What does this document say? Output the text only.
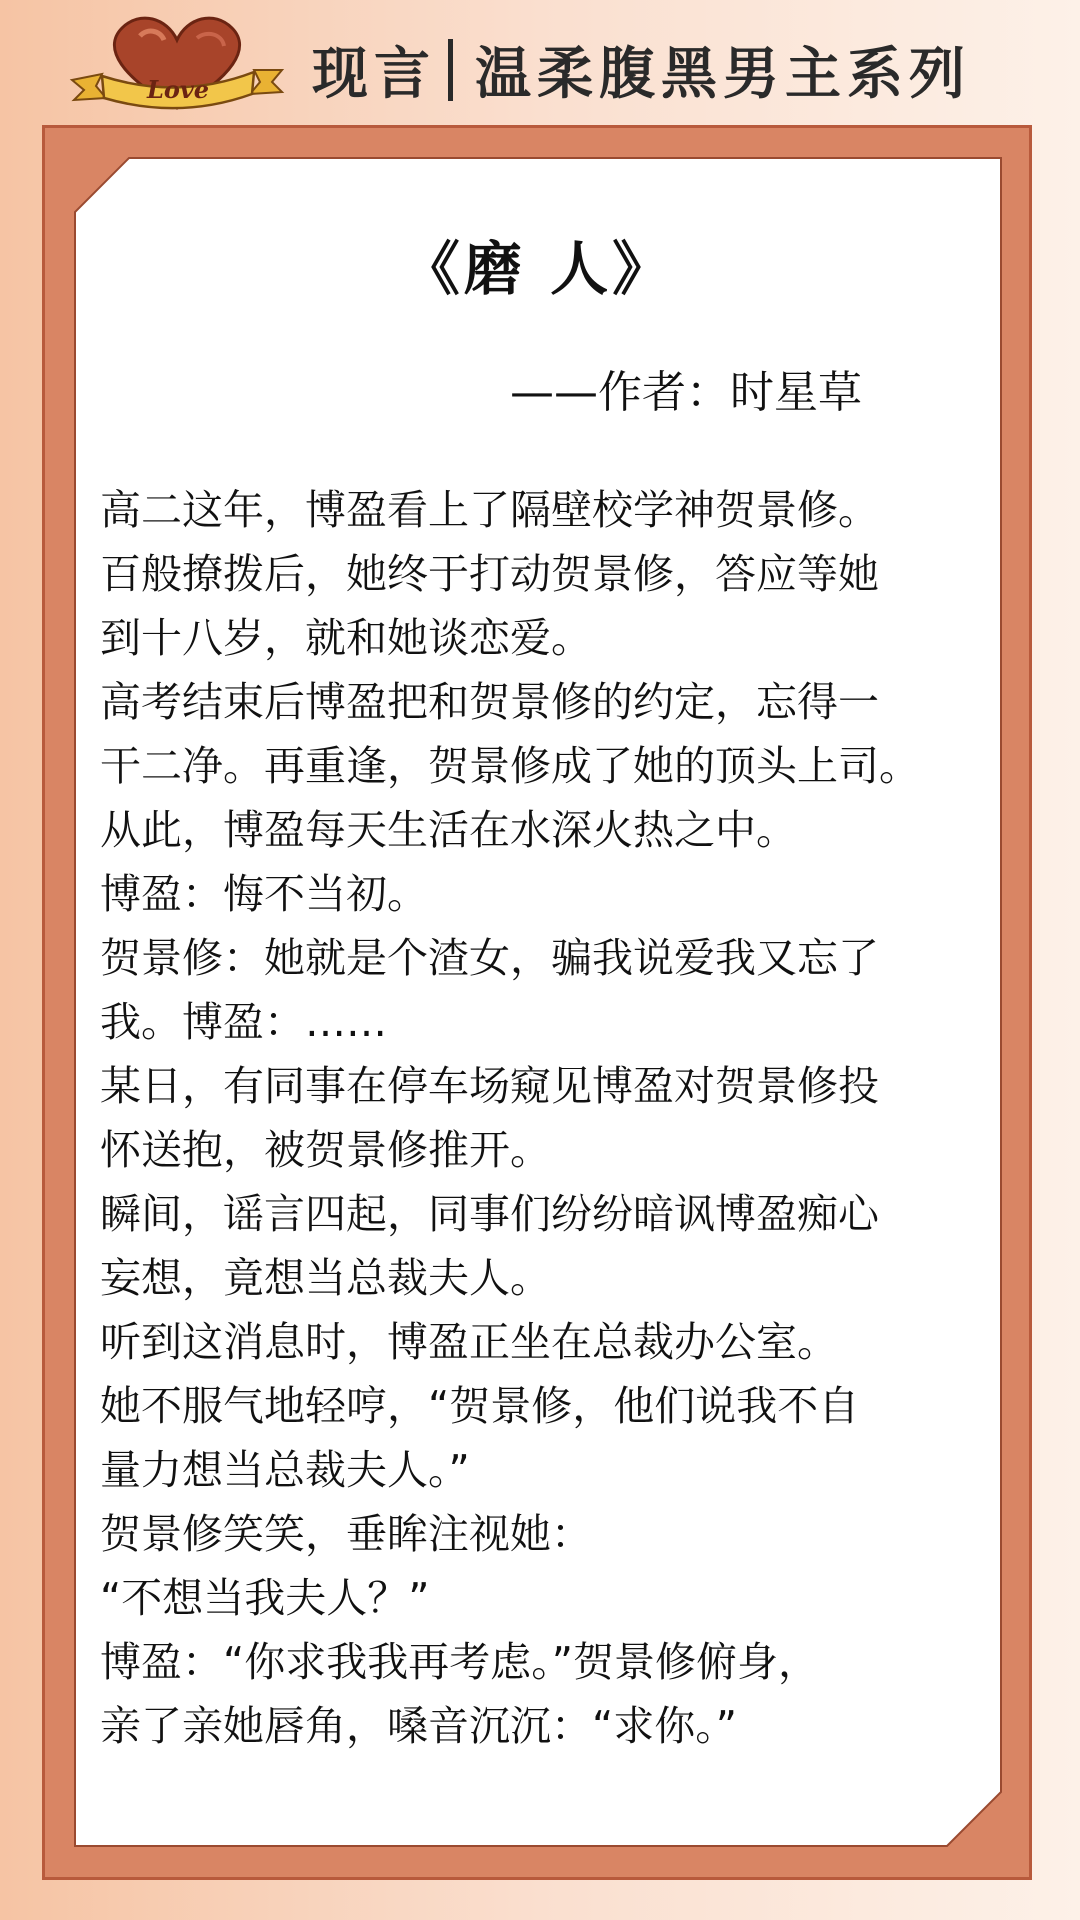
Love 现言 温柔腹黑男主系列
《磨 人》
——作者：时星草
高二这年，博盈看上了隔壁校学神贺景修。
百般撩拨后，她终于打动贺景修，答应等她
到十八岁，就和她谈恋爱。
高考结束后博盈把和贺景修的约定，忘得一
干二净。再重逢，贺景修成了她的顶头上司。
从此，博盈每天生活在水深火热之中。
博盈：悔不当初。
贺景修：她就是个渣女，骗我说爱我又忘了
我。博盈：……
某日，有同事在停车场窥见博盈对贺景修投
怀送抱，被贺景修推开。
瞬间，谣言四起，同事们纷纷暗讽博盈痴心
妄想，竟想当总裁夫人。
听到这消息时，博盈正坐在总裁办公室。
她不服气地轻哼，“贺景修，他们说我不自
量力想当总裁夫人。”
贺景修笑笑，垂眸注视她：
“不想当我夫人？”
博盈：“你求我我再考虑。”贺景修俯身，
亲了亲她唇角，嗓音沉沉：“求你。”
